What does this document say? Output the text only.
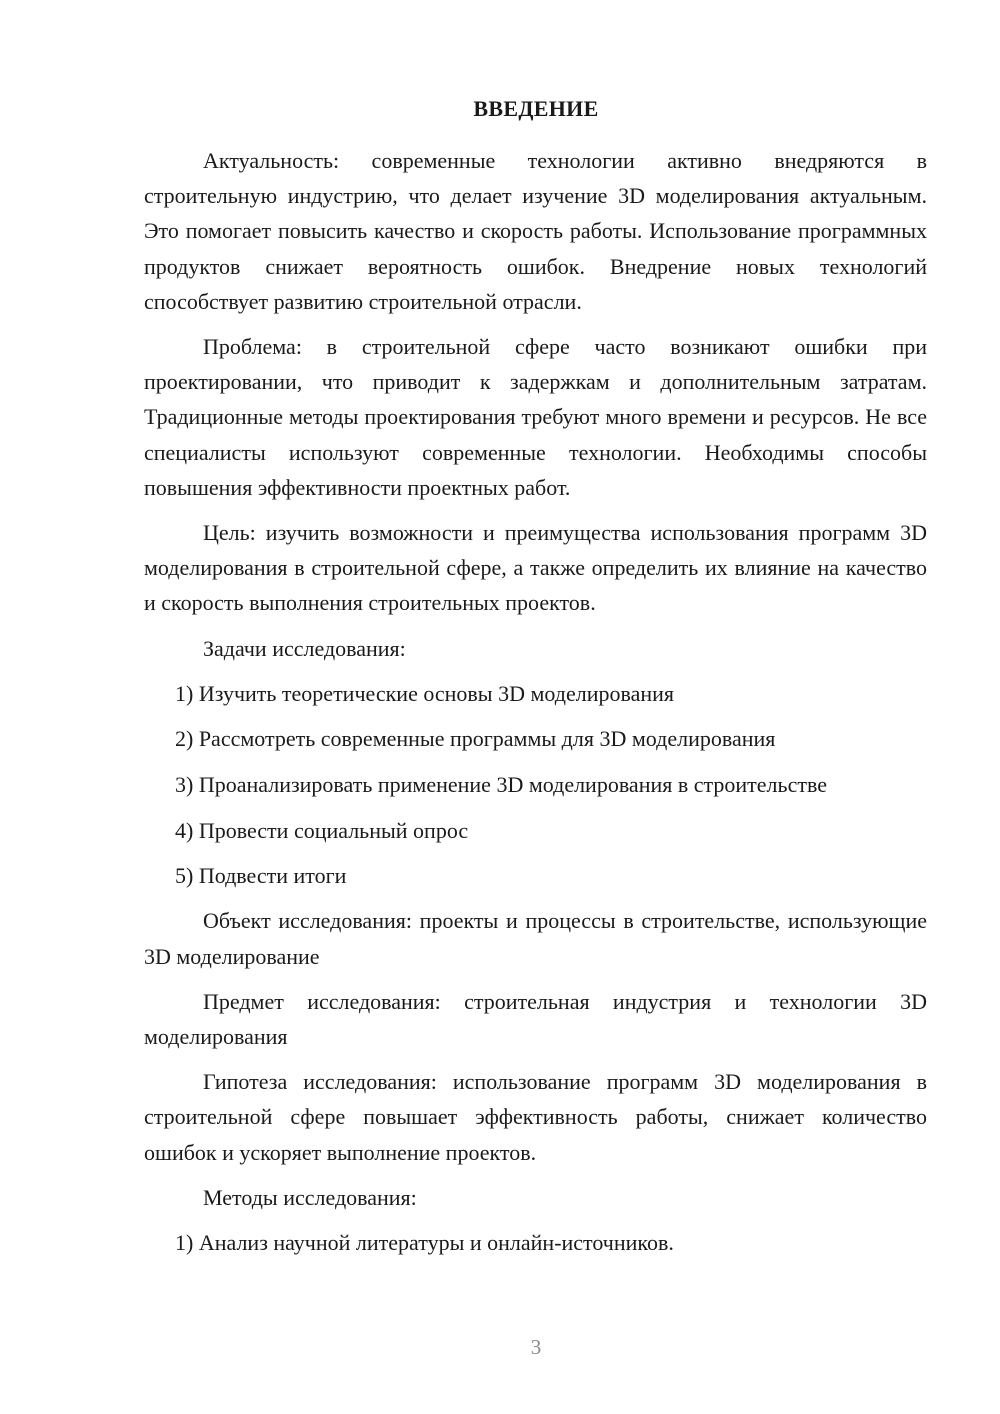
ВВЕДЕНИЕ

Актуальность: современные технологии активно внедряются в строительную индустрию, что делает изучение 3D моделирования актуальным. Это помогает повысить качество и скорость работы. Использование программных продуктов снижает вероятность ошибок. Внедрение новых технологий способствует развитию строительной отрасли.

Проблема: в строительной сфере часто возникают ошибки при проектировании, что приводит к задержкам и дополнительным затратам. Традиционные методы проектирования требуют много времени и ресурсов. Не все специалисты используют современные технологии. Необходимы способы повышения эффективности проектных работ.

Цель: изучить возможности и преимущества использования программ 3D моделирования в строительной сфере, а также определить их влияние на качество и скорость выполнения строительных проектов.

Задачи исследования:

1) Изучить теоретические основы 3D моделирования
2) Рассмотреть современные программы для 3D моделирования
3) Проанализировать применение 3D моделирования в строительстве
4) Провести социальный опрос
5) Подвести итоги

Объект исследования: проекты и процессы в строительстве, использующие 3D моделирование

Предмет исследования: строительная индустрия и технологии 3D моделирования

Гипотеза исследования: использование программ 3D моделирования в строительной сфере повышает эффективность работы, снижает количество ошибок и ускоряет выполнение проектов.

Методы исследования:

1) Анализ научной литературы и онлайн-источников.
3
